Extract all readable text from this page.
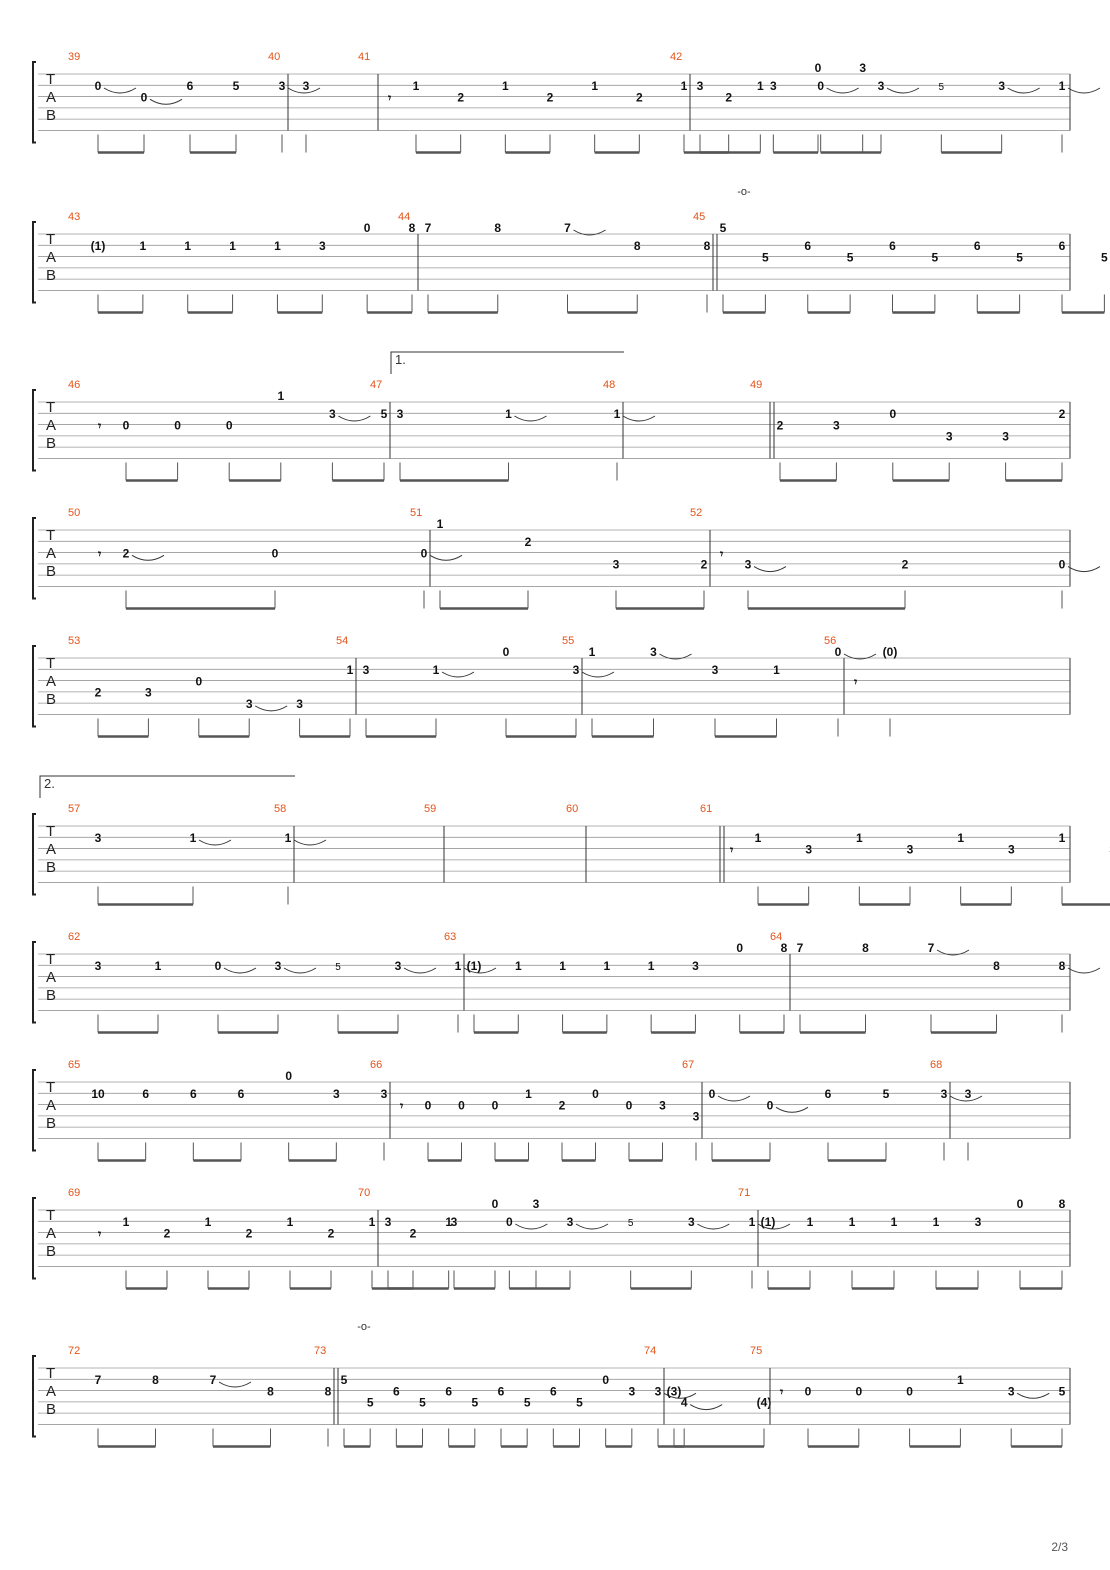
T
A
B
39
0
0
6	5	3
40
3
41
𝄾
1
2
1
2
1
2
1
2
3
0	3
42
3	1	0	3	5	3	1
T
A
B
43
(1)	1	1	1	1	3
0	8
44
7	8	7
8	8
45
5
5
6
5
6
5
6
5
6
5
T
A
B
46
𝄾 0	0	0
1
3	5
47
3	1	1
48	49
2	3
0
3	3
2
T
A
B
50
𝄾 2	0	0
51
1
2
3	2
52
𝄾
3	2	0
T
A
B
53
2	3
0
3	3
1
54
3	1
0
3
55
1	3
3	1
0
56
𝄾
(0)
T
A
B
57
3	1	1
58	59	60	61
𝄾
1
3
1
3
1
3
1
T
A
B
62
3	1	0	3	5	3	1
63
(1)	1	1	1	1	3
0	8
64
7	8	7
8	8
T
A
B
65
10	6	6	6
0
3	3
66
𝄾 0 0 0
1
2
0
0 3
3
67
0
0
6	5	3
68
3
T
A
B
69
𝄾
1
2
1
2
1
2
1
2
3
0	3
70
3	1	0	3	5	3	1
71
(1)	1	1	1	1	3
0	8
T
A
B
72
7	8	7
8	8
73
5
5
6
5
6
5
6
5
6
5
0
3 3
4
74
(3)
(4)
75
𝄾 0	0	0
1
3	5
1.
2.
-o-
-o-
2/3
